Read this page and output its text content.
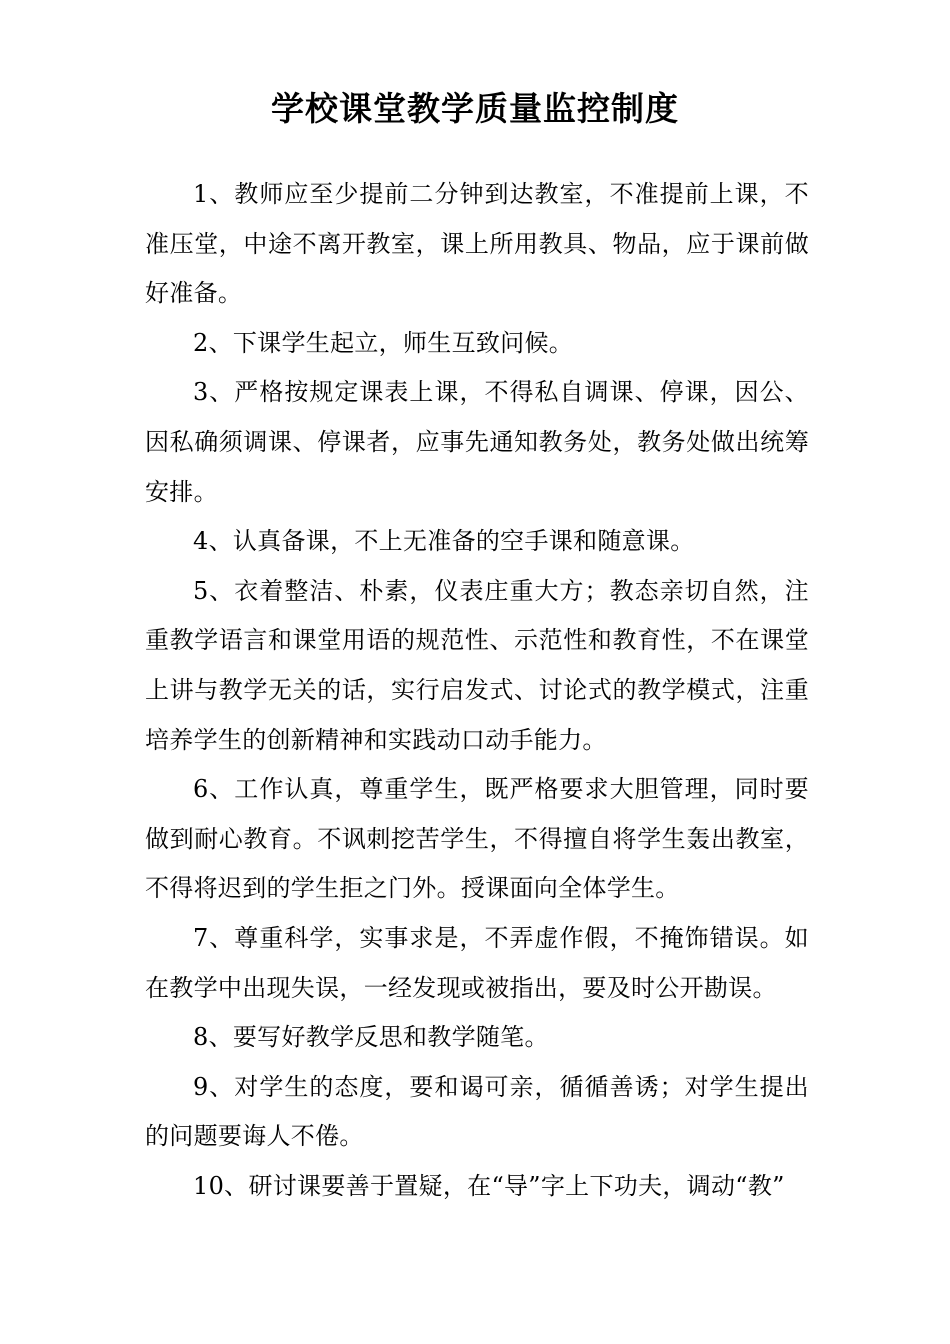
学校课堂教学质量监控制度

1、教师应至少提前二分钟到达教室，不准提前上课，不准压堂，中途不离开教室，课上所用教具、物品，应于课前做好准备。

2、下课学生起立，师生互致问候。

3、严格按规定课表上课，不得私自调课、停课，因公、因私确须调课、停课者，应事先通知教务处，教务处做出统筹安排。

4、认真备课，不上无准备的空手课和随意课。

5、衣着整洁、朴素，仪表庄重大方；教态亲切自然，注重教学语言和课堂用语的规范性、示范性和教育性，不在课堂上讲与教学无关的话，实行启发式、讨论式的教学模式，注重培养学生的创新精神和实践动口动手能力。

6、工作认真，尊重学生，既严格要求大胆管理，同时要做到耐心教育。不讽刺挖苦学生，不得擅自将学生轰出教室，不得将迟到的学生拒之门外。授课面向全体学生。

7、尊重科学，实事求是，不弄虚作假，不掩饰错误。如在教学中出现失误，一经发现或被指出，要及时公开勘误。

8、要写好教学反思和教学随笔。

9、对学生的态度，要和谒可亲，循循善诱；对学生提出的问题要诲人不倦。

10、研讨课要善于置疑，在“导”字上下功夫，调动“教”
